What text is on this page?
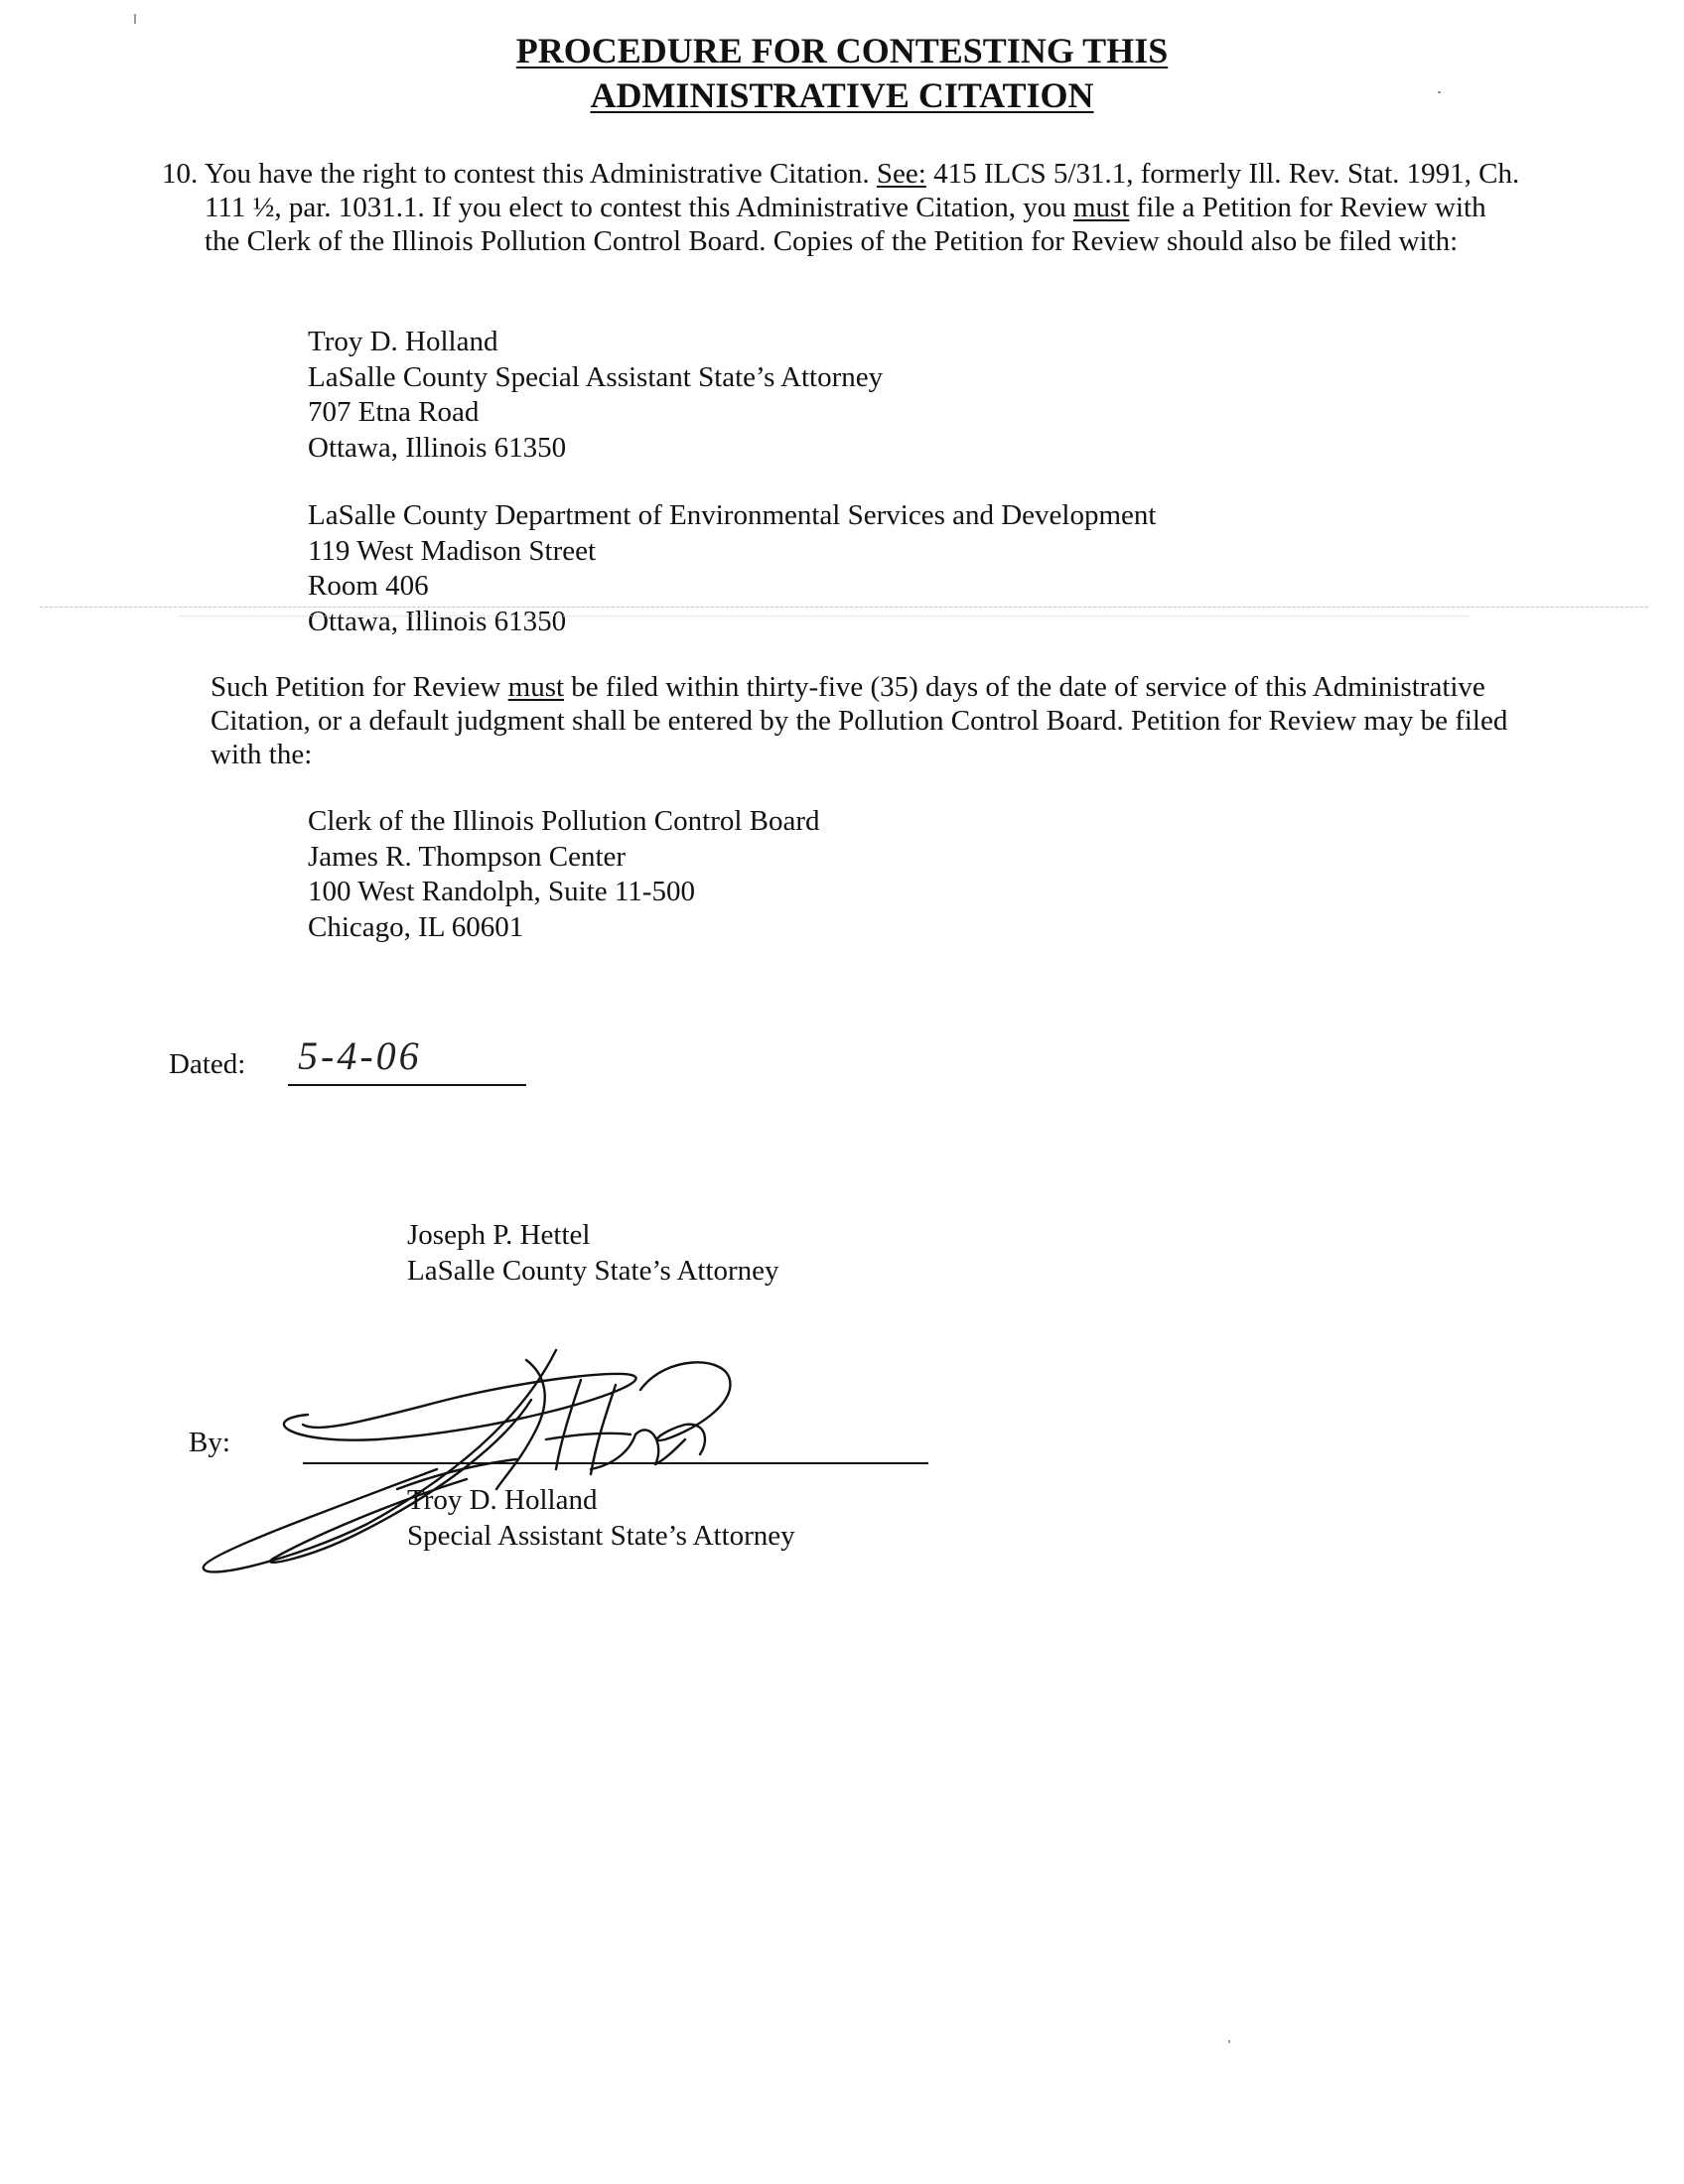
PROCEDURE FOR CONTESTING THIS
ADMINISTRATIVE CITATION
10. You have the right to contest this Administrative Citation. See: 415 ILCS 5/31.1, formerly Ill. Rev. Stat. 1991, Ch. 111 ½, par. 1031.1. If you elect to contest this Administrative Citation, you must file a Petition for Review with the Clerk of the Illinois Pollution Control Board. Copies of the Petition for Review should also be filed with:

Troy D. Holland
LaSalle County Special Assistant State’s Attorney
707 Etna Road
Ottawa, Illinois 61350
LaSalle County Department of Environmental Services and Development
119 West Madison Street
Room 406
Ottawa, Illinois 61350

Such Petition for Review must be filed within thirty-five (35) days of the date of service of this Administrative Citation, or a default judgment shall be entered by the Pollution Control Board. Petition for Review may be filed with the:

Clerk of the Illinois Pollution Control Board
James R. Thompson Center
100 West Randolph, Suite 11-500
Chicago, IL 60601
Dated: 5-4-06
Joseph P. Hettel
LaSalle County State’s Attorney
By:
Troy D. Holland
Special Assistant State’s Attorney
